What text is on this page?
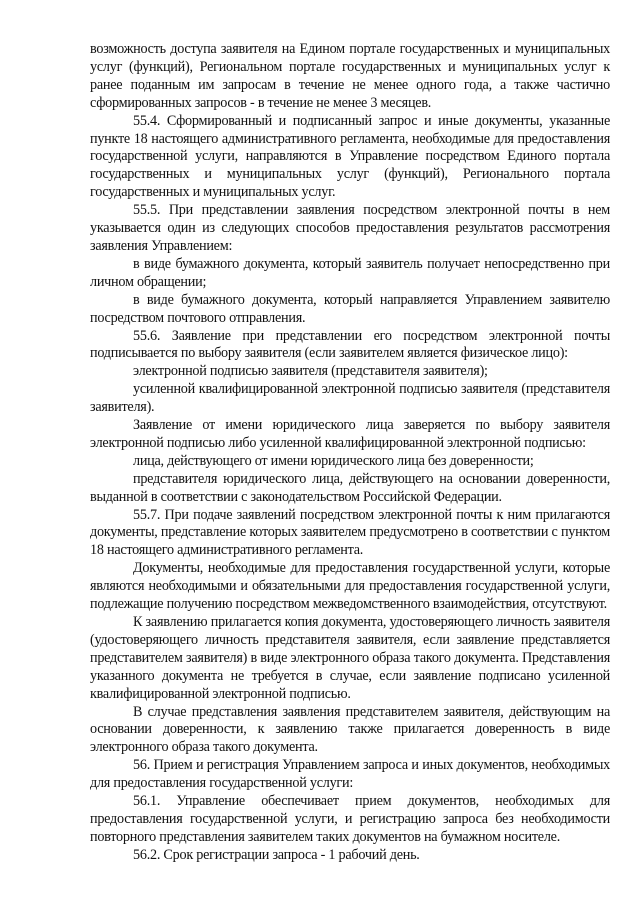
возможность доступа заявителя на Едином портале государственных и муниципальных услуг (функций), Региональном портале государственных и муниципальных услуг к ранее поданным им запросам в течение не менее одного года, а также частично сформированных запросов - в течение не менее 3 месяцев.

55.4. Сформированный и подписанный запрос и иные документы, указанные пункте 18 настоящего административного регламента, необходимые для предоставления государственной услуги, направляются в Управление посредством Единого портала государственных и муниципальных услуг (функций), Регионального портала государственных и муниципальных услуг.

55.5. При представлении заявления посредством электронной почты в нем указывается один из следующих способов предоставления результатов рассмотрения заявления Управлением:

в виде бумажного документа, который заявитель получает непосредственно при личном обращении;

в виде бумажного документа, который направляется Управлением заявителю посредством почтового отправления.

55.6. Заявление при представлении его посредством электронной почты подписывается по выбору заявителя (если заявителем является физическое лицо):

электронной подписью заявителя (представителя заявителя);

усиленной квалифицированной электронной подписью заявителя (представителя заявителя).

Заявление от имени юридического лица заверяется по выбору заявителя электронной подписью либо усиленной квалифицированной электронной подписью:

лица, действующего от имени юридического лица без доверенности;

представителя юридического лица, действующего на основании доверенности, выданной в соответствии с законодательством Российской Федерации.

55.7. При подаче заявлений посредством электронной почты к ним прилагаются документы, представление которых заявителем предусмотрено в соответствии с пунктом 18 настоящего административного регламента.

Документы, необходимые для предоставления государственной услуги, которые являются необходимыми и обязательными для предоставления государственной услуги, подлежащие получению посредством межведомственного взаимодействия, отсутствуют.

К заявлению прилагается копия документа, удостоверяющего личность заявителя (удостоверяющего личность представителя заявителя, если заявление представляется представителем заявителя) в виде электронного образа такого документа. Представления указанного документа не требуется в случае, если заявление подписано усиленной квалифицированной электронной подписью.

В случае представления заявления представителем заявителя, действующим на основании доверенности, к заявлению также прилагается доверенность в виде электронного образа такого документа.

56. Прием и регистрация Управлением запроса и иных документов, необходимых для предоставления государственной услуги:

56.1. Управление обеспечивает прием документов, необходимых для предоставления государственной услуги, и регистрацию запроса без необходимости повторного представления заявителем таких документов на бумажном носителе.

56.2. Срок регистрации запроса - 1 рабочий день.
